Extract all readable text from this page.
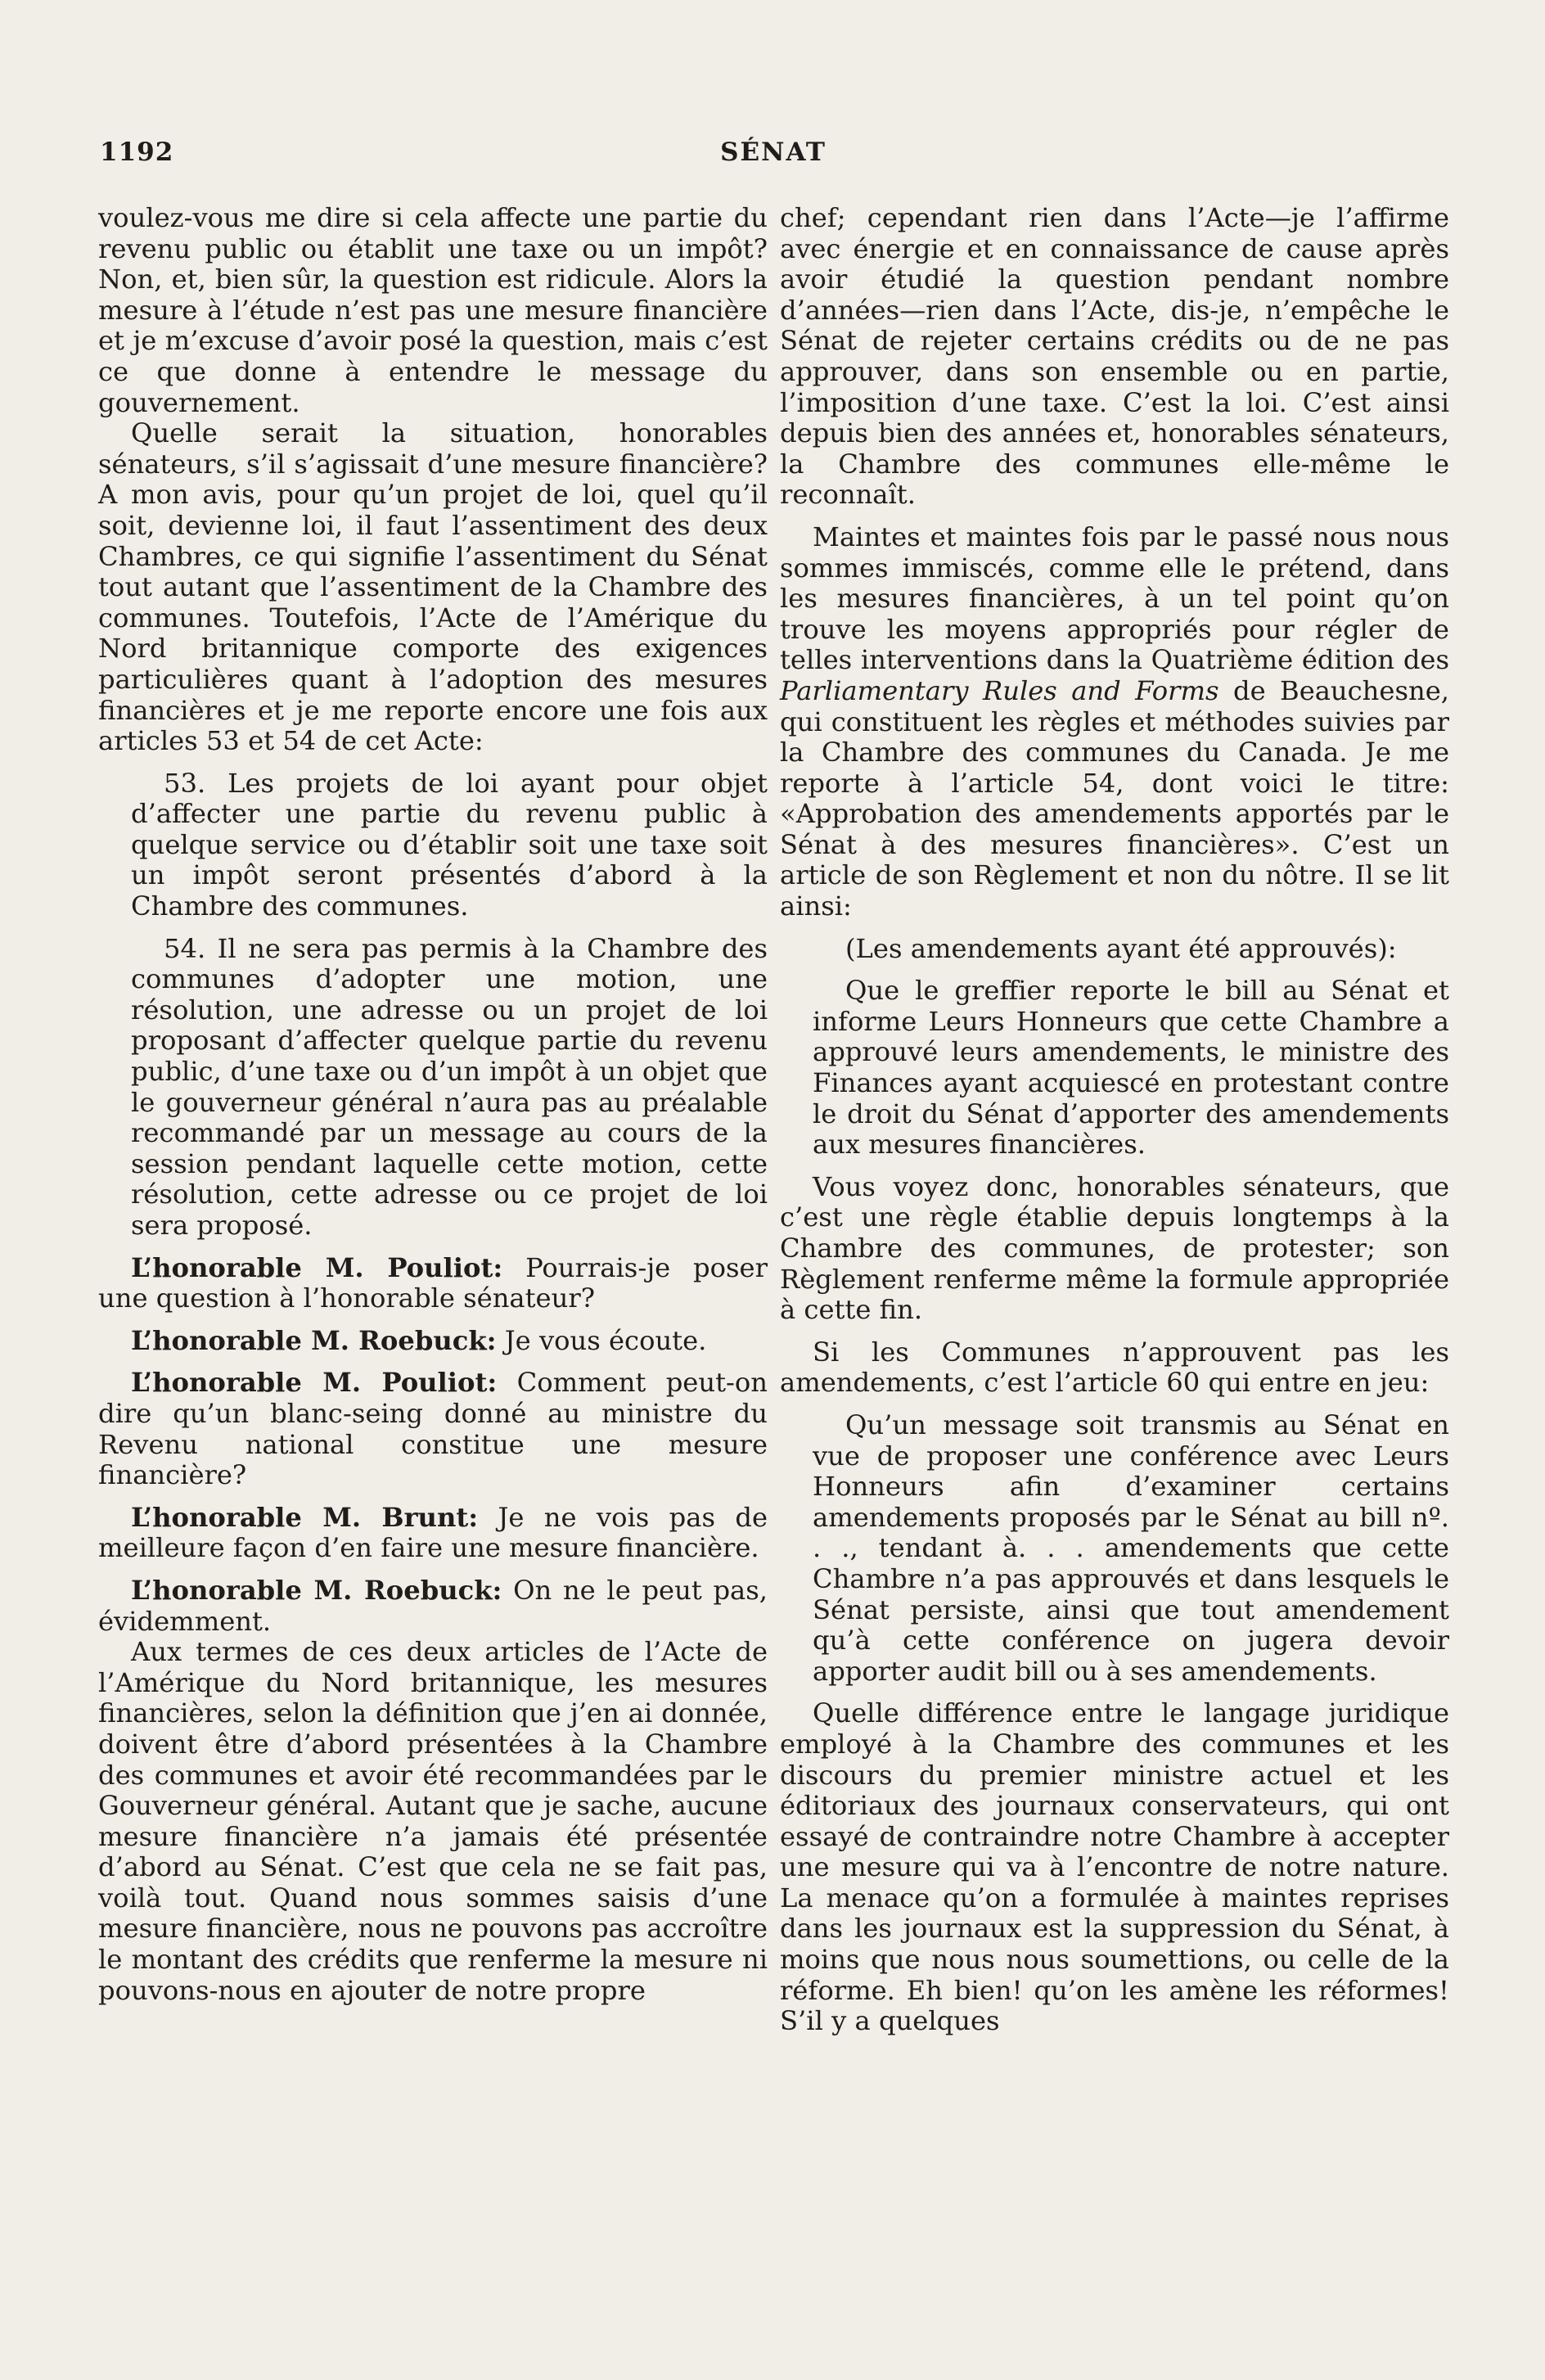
1192	SÉNAT

voulez-vous me dire si cela affecte une partie du revenu public ou établit une taxe ou un impôt? Non, et, bien sûr, la question est ridicule. Alors la mesure à l’étude n’est pas une mesure financière et je m’excuse d’avoir posé la question, mais c’est ce que donne à entendre le message du gouvernement.

Quelle serait la situation, honorables sénateurs, s’il s’agissait d’une mesure financière? A mon avis, pour qu’un projet de loi, quel qu’il soit, devienne loi, il faut l’assentiment des deux Chambres, ce qui signifie l’assentiment du Sénat tout autant que l’assentiment de la Chambre des communes. Toutefois, l’Acte de l’Amérique du Nord britannique comporte des exigences particulières quant à l’adoption des mesures financières et je me reporte encore une fois aux articles 53 et 54 de cet Acte:

53. Les projets de loi ayant pour objet d’affecter une partie du revenu public à quelque service ou d’établir soit une taxe soit un impôt seront présentés d’abord à la Chambre des communes.

54. Il ne sera pas permis à la Chambre des communes d’adopter une motion, une résolution, une adresse ou un projet de loi proposant d’affecter quelque partie du revenu public, d’une taxe ou d’un impôt à un objet que le gouverneur général n’aura pas au préalable recommandé par un message au cours de la session pendant laquelle cette motion, cette résolution, cette adresse ou ce projet de loi sera proposé.

L’honorable M. Pouliot: Pourrais-je poser une question à l’honorable sénateur?

L’honorable M. Roebuck: Je vous écoute.

L’honorable M. Pouliot: Comment peut-on dire qu’un blanc-seing donné au ministre du Revenu national constitue une mesure financière?

L’honorable M. Brunt: Je ne vois pas de meilleure façon d’en faire une mesure financière.

L’honorable M. Roebuck: On ne le peut pas, évidemment.

Aux termes de ces deux articles de l’Acte de l’Amérique du Nord britannique, les mesures financières, selon la définition que j’en ai donnée, doivent être d’abord présentées à la Chambre des communes et avoir été recommandées par le Gouverneur général. Autant que je sache, aucune mesure financière n’a jamais été présentée d’abord au Sénat. C’est que cela ne se fait pas, voilà tout. Quand nous sommes saisis d’une mesure financière, nous ne pouvons pas accroître le montant des crédits que renferme la mesure ni pouvons-nous en ajouter de notre propre

chef; cependant rien dans l’Acte—je l’affirme avec énergie et en connaissance de cause après avoir étudié la question pendant nombre d’années—rien dans l’Acte, dis-je, n’empêche le Sénat de rejeter certains crédits ou de ne pas approuver, dans son ensemble ou en partie, l’imposition d’une taxe. C’est la loi. C’est ainsi depuis bien des années et, honorables sénateurs, la Chambre des communes elle-même le reconnaît.

Maintes et maintes fois par le passé nous nous sommes immiscés, comme elle le prétend, dans les mesures financières, à un tel point qu’on trouve les moyens appropriés pour régler de telles interventions dans la Quatrième édition des Parliamentary Rules and Forms de Beauchesne, qui constituent les règles et méthodes suivies par la Chambre des communes du Canada. Je me reporte à l’article 54, dont voici le titre: «Approbation des amendements apportés par le Sénat à des mesures financières». C’est un article de son Règlement et non du nôtre. Il se lit ainsi:

(Les amendements ayant été approuvés):

Que le greffier reporte le bill au Sénat et informe Leurs Honneurs que cette Chambre a approuvé leurs amendements, le ministre des Finances ayant acquiescé en protestant contre le droit du Sénat d’apporter des amendements aux mesures financières.

Vous voyez donc, honorables sénateurs, que c’est une règle établie depuis longtemps à la Chambre des communes, de protester; son Règlement renferme même la formule appropriée à cette fin.

Si les Communes n’approuvent pas les amendements, c’est l’article 60 qui entre en jeu:

Qu’un message soit transmis au Sénat en vue de proposer une conférence avec Leurs Honneurs afin d’examiner certains amendements proposés par le Sénat au bill nº. . ., tendant à. . . amendements que cette Chambre n’a pas approuvés et dans lesquels le Sénat persiste, ainsi que tout amendement qu’à cette conférence on jugera devoir apporter audit bill ou à ses amendements.

Quelle différence entre le langage juridique employé à la Chambre des communes et les discours du premier ministre actuel et les éditoriaux des journaux conservateurs, qui ont essayé de contraindre notre Chambre à accepter une mesure qui va à l’encontre de notre nature. La menace qu’on a formulée à maintes reprises dans les journaux est la suppression du Sénat, à moins que nous nous soumettions, ou celle de la réforme. Eh bien! qu’on les amène les réformes! S’il y a quelques
